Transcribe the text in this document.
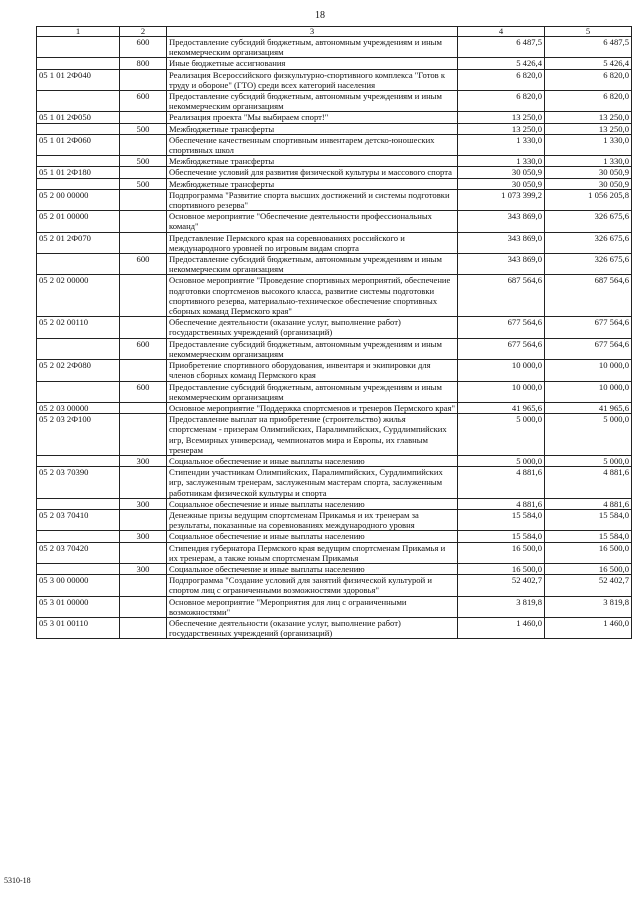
18
1	2	3	4	5
	600	Предоставление субсидий бюджетным, автономным учреждениям и иным некоммерческим организациям	6 487,5	6 487,5
	800	Иные бюджетные ассигнования	5 426,4	5 426,4
05 1 01 2Ф040		Реализация Всероссийского физкультурно-спортивного комплекса "Готов к труду и обороне" (ГТО) среди всех категорий населения	6 820,0	6 820,0
	600	Предоставление субсидий бюджетным, автономным учреждениям и иным некоммерческим организациям	6 820,0	6 820,0
05 1 01 2Ф050		Реализация проекта "Мы выбираем спорт!"	13 250,0	13 250,0
	500	Межбюджетные трансферты	13 250,0	13 250,0
05 1 01 2Ф060		Обеспечение качественным спортивным инвентарем детско-юношеских спортивных школ	1 330,0	1 330,0
	500	Межбюджетные трансферты	1 330,0	1 330,0
05 1 01 2Ф180		Обеспечение условий для развития физической культуры и массового спорта	30 050,9	30 050,9
	500	Межбюджетные трансферты	30 050,9	30 050,9
05 2 00 00000		Подпрограмма "Развитие спорта высших достижений и системы подготовки спортивного резерва"	1 073 399,2	1 056 205,8
05 2 01 00000		Основное мероприятие "Обеспечение деятельности профессиональных команд"	343 869,0	326 675,6
05 2 01 2Ф070		Представление Пермского края на соревнованиях российского и международного уровней по игровым видам спорта	343 869,0	326 675,6
	600	Предоставление субсидий бюджетным, автономным учреждениям и иным некоммерческим организациям	343 869,0	326 675,6
05 2 02 00000		Основное мероприятие "Проведение спортивных мероприятий, обеспечение подготовки спортсменов высокого класса, развитие системы подготовки спортивного резерва, материально-техническое обеспечение спортивных сборных команд Пермского края"	687 564,6	687 564,6
05 2 02 00110		Обеспечение деятельности (оказание услуг, выполнение работ) государственных учреждений (организаций)	677 564,6	677 564,6
	600	Предоставление субсидий бюджетным, автономным учреждениям и иным некоммерческим организациям	677 564,6	677 564,6
05 2 02 2Ф080		Приобретение спортивного оборудования, инвентаря и экипировки для членов сборных команд Пермского края	10 000,0	10 000,0
	600	Предоставление субсидий бюджетным, автономным учреждениям и иным некоммерческим организациям	10 000,0	10 000,0
05 2 03 00000		Основное мероприятие "Поддержка спортсменов и тренеров Пермского края"	41 965,6	41 965,6
05 2 03 2Ф100		Предоставление выплат на приобретение (строительство) жилья спортсменам - призерам Олимпийских, Паралимпийских, Сурдлимпийских игр, Всемирных универсиад, чемпионатов мира и Европы, их главным тренерам	5 000,0	5 000,0
	300	Социальное обеспечение и иные выплаты населению	5 000,0	5 000,0
05 2 03 70390		Стипендии участникам Олимпийских, Паралимпийских, Сурдлимпийских игр, заслуженным тренерам, заслуженным мастерам спорта, заслуженным работникам физической культуры и спорта	4 881,6	4 881,6
	300	Социальное обеспечение и иные выплаты населению	4 881,6	4 881,6
05 2 03 70410		Денежные призы ведущим спортсменам Прикамья и их тренерам за результаты, показанные на соревнованиях международного уровня	15 584,0	15 584,0
	300	Социальное обеспечение и иные выплаты населению	15 584,0	15 584,0
05 2 03 70420		Стипендия губернатора Пермского края ведущим спортсменам Прикамья и их тренерам, а также юным спортсменам Прикамья	16 500,0	16 500,0
	300	Социальное обеспечение и иные выплаты населению	16 500,0	16 500,0
05 3 00 00000		Подпрограмма "Создание условий для занятий физической культурой и спортом лиц с ограниченными возможностями здоровья"	52 402,7	52 402,7
05 3 01 00000		Основное мероприятие "Мероприятия для лиц с ограниченными возможностями"	3 819,8	3 819,8
05 3 01 00110		Обеспечение деятельности (оказание услуг, выполнение работ) государственных учреждений (организаций)	1 460,0	1 460,0
5310-18
